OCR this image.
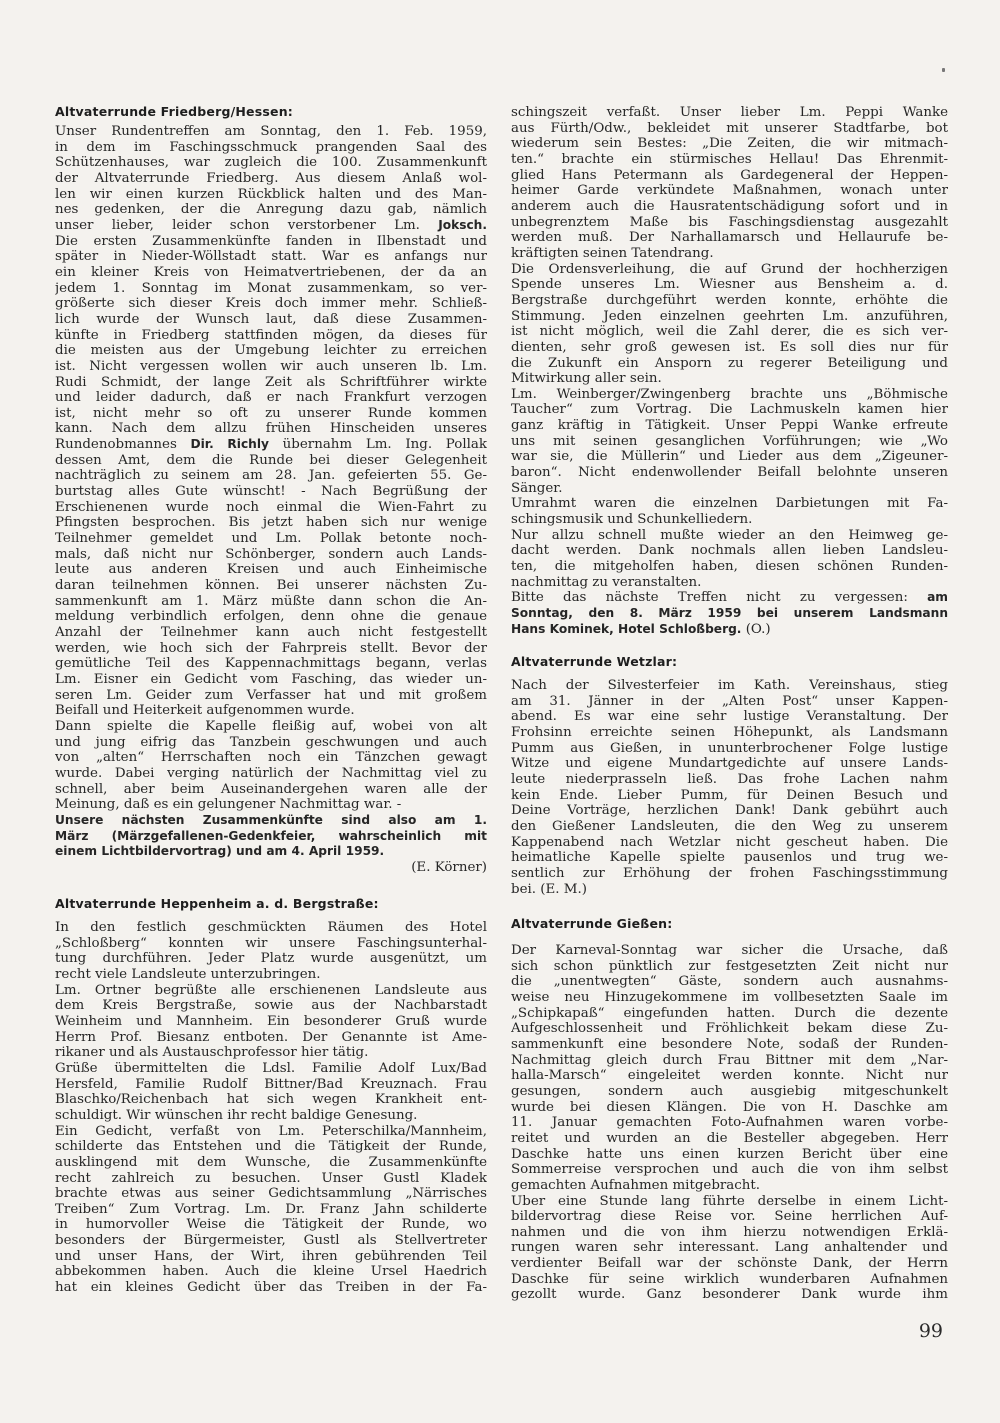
Altvaterrunde Friedberg/Hessen:
Unser Rundentreffen am Sonntag, den 1. Feb. 1959,
in dem im Faschingsschmuck prangenden Saal des
Schützenhauses, war zugleich die 100. Zusammenkunft
der Altvaterrunde Friedberg. Aus diesem Anlaß wol-
len wir einen kurzen Rückblick halten und des Man-
nes gedenken, der die Anregung dazu gab, nämlich
unser lieber, leider schon verstorbener Lm. Joksch.
Die ersten Zusammenkünfte fanden in Ilbenstadt und
später in Nieder-Wöllstadt statt. War es anfangs nur
ein kleiner Kreis von Heimatvertriebenen, der da an
jedem 1. Sonntag im Monat zusammenkam, so ver-
größerte sich dieser Kreis doch immer mehr. Schließ-
lich wurde der Wunsch laut, daß diese Zusammen-
künfte in Friedberg stattfinden mögen, da dieses für
die meisten aus der Umgebung leichter zu erreichen
ist. Nicht vergessen wollen wir auch unseren lb. Lm.
Rudi Schmidt, der lange Zeit als Schriftführer wirkte
und leider dadurch, daß er nach Frankfurt verzogen
ist, nicht mehr so oft zu unserer Runde kommen
kann. Nach dem allzu frühen Hinscheiden unseres
Rundenobmannes Dir. Richly übernahm Lm. Ing. Pollak
dessen Amt, dem die Runde bei dieser Gelegenheit
nachträglich zu seinem am 28. Jan. gefeierten 55. Ge-
burtstag alles Gute wünscht! - Nach Begrüßung der
Erschienenen wurde noch einmal die Wien-Fahrt zu
Pfingsten besprochen. Bis jetzt haben sich nur wenige
Teilnehmer gemeldet und Lm. Pollak betonte noch-
mals, daß nicht nur Schönberger, sondern auch Lands-
leute aus anderen Kreisen und auch Einheimische
daran teilnehmen können. Bei unserer nächsten Zu-
sammenkunft am 1. März müßte dann schon die An-
meldung verbindlich erfolgen, denn ohne die genaue
Anzahl der Teilnehmer kann auch nicht festgestellt
werden, wie hoch sich der Fahrpreis stellt. Bevor der
gemütliche Teil des Kappennachmittags begann, verlas
Lm. Eisner ein Gedicht vom Fasching, das wieder un-
seren Lm. Geider zum Verfasser hat und mit großem
Beifall und Heiterkeit aufgenommen wurde.
Dann spielte die Kapelle fleißig auf, wobei von alt
und jung eifrig das Tanzbein geschwungen und auch
von „alten“ Herrschaften noch ein Tänzchen gewagt
wurde. Dabei verging natürlich der Nachmittag viel zu
schnell, aber beim Auseinandergehen waren alle der
Meinung, daß es ein gelungener Nachmittag war. -
Unsere nächsten Zusammenkünfte sind also am 1.
März (Märzgefallenen-Gedenkfeier, wahrscheinlich mit
einem Lichtbildervortrag) und am 4. April 1959.
(E. Körner)
Altvaterrunde Heppenheim a. d. Bergstraße:
In den festlich geschmückten Räumen des Hotel
„Schloßberg“ konnten wir unsere Faschingsunterhal-
tung durchführen. Jeder Platz wurde ausgenützt, um
recht viele Landsleute unterzubringen.
Lm. Ortner begrüßte alle erschienenen Landsleute aus
dem Kreis Bergstraße, sowie aus der Nachbarstadt
Weinheim und Mannheim. Ein besonderer Gruß wurde
Herrn Prof. Biesanz entboten. Der Genannte ist Ame-
rikaner und als Austauschprofessor hier tätig.
Grüße übermittelten die Ldsl. Familie Adolf Lux/Bad
Hersfeld, Familie Rudolf Bittner/Bad Kreuznach. Frau
Blaschko/Reichenbach hat sich wegen Krankheit ent-
schuldigt. Wir wünschen ihr recht baldige Genesung.
Ein Gedicht, verfaßt von Lm. Peterschilka/Mannheim,
schilderte das Entstehen und die Tätigkeit der Runde,
ausklingend mit dem Wunsche, die Zusammenkünfte
recht zahlreich zu besuchen. Unser Gustl Kladek
brachte etwas aus seiner Gedichtsammlung „Närrisches
Treiben“ Zum Vortrag. Lm. Dr. Franz Jahn schilderte
in humorvoller Weise die Tätigkeit der Runde, wo
besonders der Bürgermeister, Gustl als Stellvertreter
und unser Hans, der Wirt, ihren gebührenden Teil
abbekommen haben. Auch die kleine Ursel Haedrich
hat ein kleines Gedicht über das Treiben in der Fa-
schingszeit verfaßt. Unser lieber Lm. Peppi Wanke
aus Fürth/Odw., bekleidet mit unserer Stadtfarbe, bot
wiederum sein Bestes: „Die Zeiten, die wir mitmach-
ten.“ brachte ein stürmisches Hellau! Das Ehrenmit-
glied Hans Petermann als Gardegeneral der Heppen-
heimer Garde verkündete Maßnahmen, wonach unter
anderem auch die Hausratentschädigung sofort und in
unbegrenztem Maße bis Faschingsdienstag ausgezahlt
werden muß. Der Narhallamarsch und Hellaurufe be-
kräftigten seinen Tatendrang.
Die Ordensverleihung, die auf Grund der hochherzigen
Spende unseres Lm. Wiesner aus Bensheim a. d.
Bergstraße durchgeführt werden konnte, erhöhte die
Stimmung. Jeden einzelnen geehrten Lm. anzuführen,
ist nicht möglich, weil die Zahl derer, die es sich ver-
dienten, sehr groß gewesen ist. Es soll dies nur für
die Zukunft ein Ansporn zu regerer Beteiligung und
Mitwirkung aller sein.
Lm. Weinberger/Zwingenberg brachte uns „Böhmische
Taucher“ zum Vortrag. Die Lachmuskeln kamen hier
ganz kräftig in Tätigkeit. Unser Peppi Wanke erfreute
uns mit seinen gesanglichen Vorführungen; wie „Wo
war sie, die Müllerin“ und Lieder aus dem „Zigeuner-
baron“. Nicht endenwollender Beifall belohnte unseren
Sänger.
Umrahmt waren die einzelnen Darbietungen mit Fa-
schingsmusik und Schunkelliedern.
Nur allzu schnell mußte wieder an den Heimweg ge-
dacht werden. Dank nochmals allen lieben Landsleu-
ten, die mitgeholfen haben, diesen schönen Runden-
nachmittag zu veranstalten.
Bitte das nächste Treffen nicht zu vergessen: am
Sonntag, den 8. März 1959 bei unserem Landsmann
Hans Kominek, Hotel Schloßberg. (O.)
Altvaterrunde Wetzlar:
Nach der Silvesterfeier im Kath. Vereinshaus, stieg
am 31. Jänner in der „Alten Post“ unser Kappen-
abend. Es war eine sehr lustige Veranstaltung. Der
Frohsinn erreichte seinen Höhepunkt, als Landsmann
Pumm aus Gießen, in ununterbrochener Folge lustige
Witze und eigene Mundartgedichte auf unsere Lands-
leute niederprasseln ließ. Das frohe Lachen nahm
kein Ende. Lieber Pumm, für Deinen Besuch und
Deine Vorträge, herzlichen Dank! Dank gebührt auch
den Gießener Landsleuten, die den Weg zu unserem
Kappenabend nach Wetzlar nicht gescheut haben. Die
heimatliche Kapelle spielte pausenlos und trug we-
sentlich zur Erhöhung der frohen Faschingsstimmung
bei. (E. M.)
Altvaterrunde Gießen:
Der Karneval-Sonntag war sicher die Ursache, daß
sich schon pünktlich zur festgesetzten Zeit nicht nur
die „unentwegten“ Gäste, sondern auch ausnahms-
weise neu Hinzugekommene im vollbesetzten Saale im
„Schipkapaß“ eingefunden hatten. Durch die dezente
Aufgeschlossenheit und Fröhlichkeit bekam diese Zu-
sammenkunft eine besondere Note, sodaß der Runden-
Nachmittag gleich durch Frau Bittner mit dem „Nar-
halla-Marsch“ eingeleitet werden konnte. Nicht nur
gesungen, sondern auch ausgiebig mitgeschunkelt
wurde bei diesen Klängen. Die von H. Daschke am
11. Januar gemachten Foto-Aufnahmen waren vorbe-
reitet und wurden an die Besteller abgegeben. Herr
Daschke hatte uns einen kurzen Bericht über eine
Sommerreise versprochen und auch die von ihm selbst
gemachten Aufnahmen mitgebracht.
Über eine Stunde lang führte derselbe in einem Licht-
bildervortrag diese Reise vor. Seine herrlichen Auf-
nahmen und die von ihm hierzu notwendigen Erklä-
rungen waren sehr interessant. Lang anhaltender und
verdienter Beifall war der schönste Dank, der Herrn
Daschke für seine wirklich wunderbaren Aufnahmen
gezollt wurde. Ganz besonderer Dank wurde ihm
99
